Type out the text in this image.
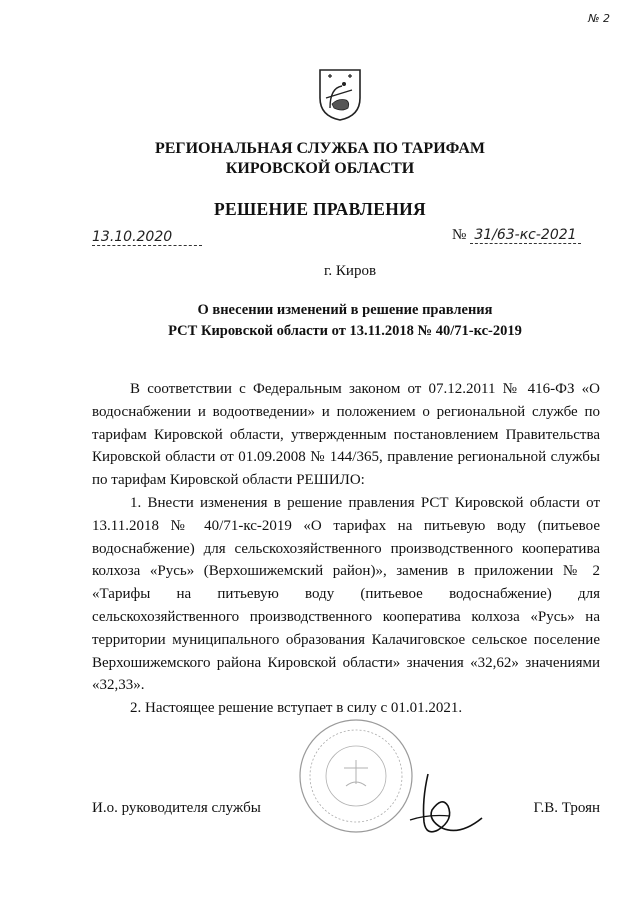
№ 2
РЕГИОНАЛЬНАЯ СЛУЖБА ПО ТАРИФАМ
КИРОВСКОЙ ОБЛАСТИ
РЕШЕНИЕ ПРАВЛЕНИЯ
13.10.2020	№ 31/63-кс-2021
г. Киров
О внесении изменений в решение правления
РСТ Кировской области от 13.11.2018 № 40/71-кс-2019

В соответствии с Федеральным законом от 07.12.2011 № 416-ФЗ «О водоснабжении и водоотведении» и положением о региональной службе по тарифам Кировской области, утвержденным постановлением Правительства Кировской области от 01.09.2008 № 144/365, правление региональной службы по тарифам Кировской области РЕШИЛО:

1. Внести изменения в решение правления РСТ Кировской области от 13.11.2018 № 40/71-кс-2019 «О тарифах на питьевую воду (питьевое водоснабжение) для сельскохозяйственного производственного кооператива колхоза «Русь» (Верхошижемский район)», заменив в приложении № 2 «Тарифы на питьевую воду (питьевое водоснабжение) для сельскохозяйственного производственного кооператива колхоза «Русь» на территории муниципального образования Калачиговское сельское поселение Верхошижемского района Кировской области» значения «32,62» значениями «32,33».

2. Настоящее решение вступает в силу с 01.01.2021.

И.о. руководителя службы	Г.В. Троян
